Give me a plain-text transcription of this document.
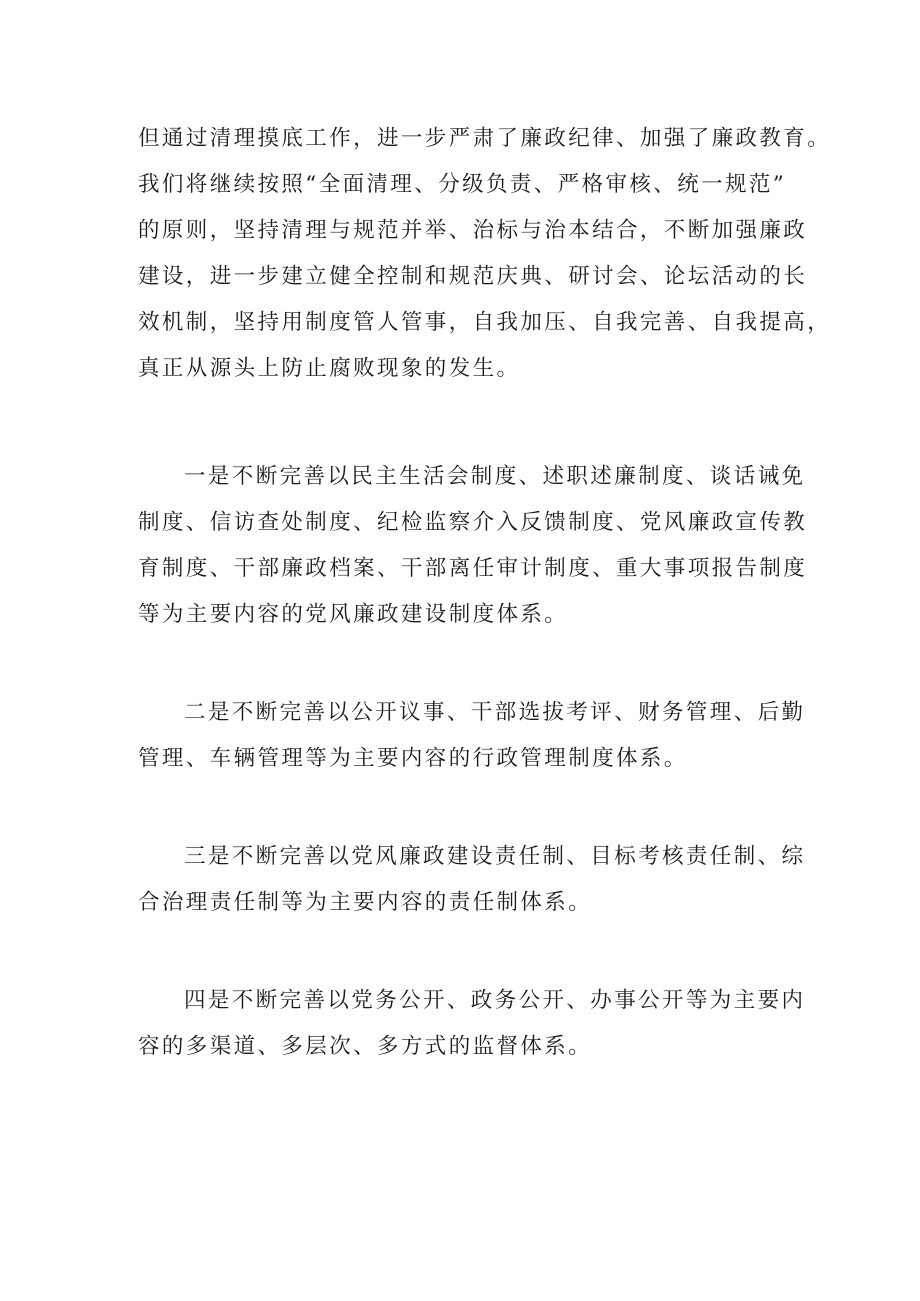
但通过清理摸底工作，进一步严肃了廉政纪律、加强了廉政教育。
我们将继续按照“全面清理、分级负责、严格审核、统一规范”
的原则，坚持清理与规范并举、治标与治本结合，不断加强廉政
建设，进一步建立健全控制和规范庆典、研讨会、论坛活动的长
效机制，坚持用制度管人管事，自我加压、自我完善、自我提高，
真正从源头上防止腐败现象的发生。
一是不断完善以民主生活会制度、述职述廉制度、谈话诫免
制度、信访查处制度、纪检监察介入反馈制度、党风廉政宣传教
育制度、干部廉政档案、干部离任审计制度、重大事项报告制度
等为主要内容的党风廉政建设制度体系。
二是不断完善以公开议事、干部选拔考评、财务管理、后勤
管理、车辆管理等为主要内容的行政管理制度体系。
三是不断完善以党风廉政建设责任制、目标考核责任制、综
合治理责任制等为主要内容的责任制体系。
四是不断完善以党务公开、政务公开、办事公开等为主要内
容的多渠道、多层次、多方式的监督体系。
